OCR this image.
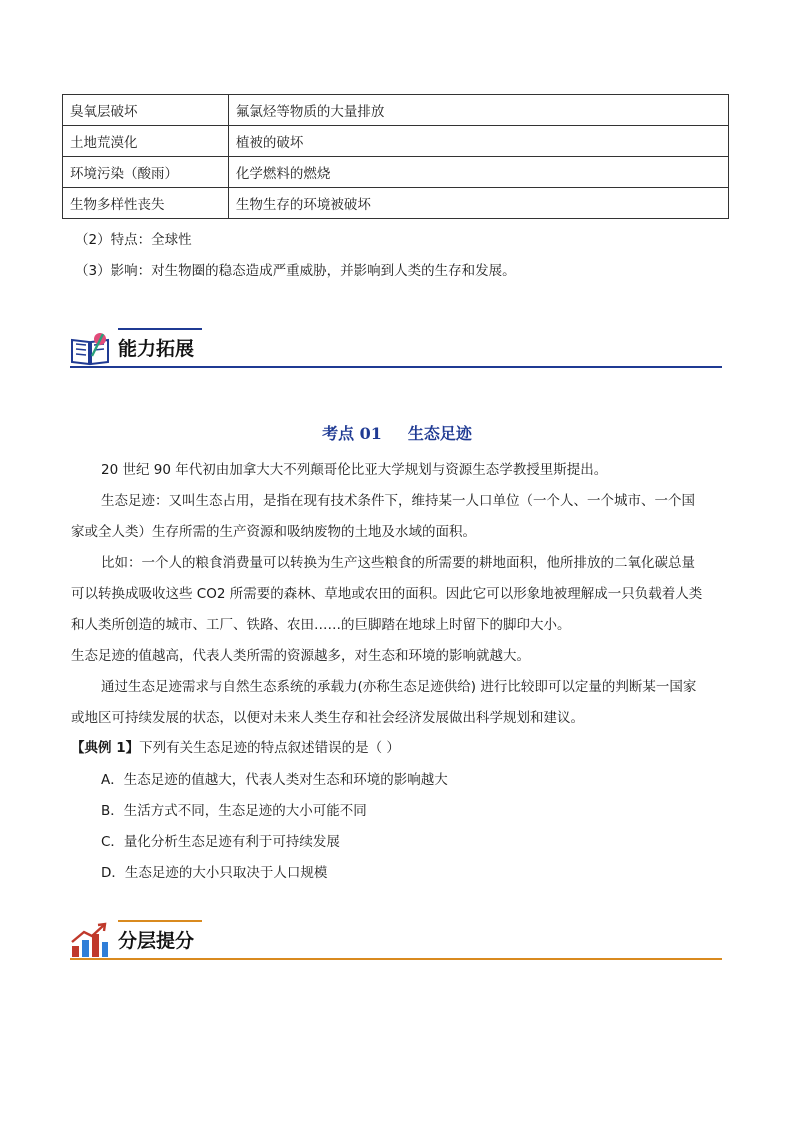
臭氧层破坏	氟氯烃等物质的大量排放
土地荒漠化	植被的破坏
环境污染（酸雨）	化学燃料的燃烧
生物多样性丧失	生物生存的环境被破坏
（2）特点：全球性
（3）影响：对生物圈的稳态造成严重威胁，并影响到人类的生存和发展。
能力拓展
考点 01 生态足迹
20 世纪 90 年代初由加拿大大不列颠哥伦比亚大学规划与资源生态学教授里斯提出。
生态足迹：又叫生态占用，是指在现有技术条件下，维持某一人口单位（一个人、一个城市、一个国
家或全人类）生存所需的生产资源和吸纳废物的土地及水域的面积。
比如：一个人的粮食消费量可以转换为生产这些粮食的所需要的耕地面积，他所排放的二氧化碳总量
可以转换成吸收这些 CO2 所需要的森林、草地或农田的面积。因此它可以形象地被理解成一只负载着人类
和人类所创造的城市、工厂、铁路、农田……的巨脚踏在地球上时留下的脚印大小。
生态足迹的值越高，代表人类所需的资源越多，对生态和环境的影响就越大。
通过生态足迹需求与自然生态系统的承载力(亦称生态足迹供给) 进行比较即可以定量的判断某一国家
或地区可持续发展的状态，以便对未来人类生存和社会经济发展做出科学规划和建议。
【典例 1】下列有关生态足迹的特点叙述错误的是（ ）
A．生态足迹的值越大，代表人类对生态和环境的影响越大
B．生活方式不同，生态足迹的大小可能不同
C．量化分析生态足迹有利于可持续发展
D．生态足迹的大小只取决于人口规模
分层提分
